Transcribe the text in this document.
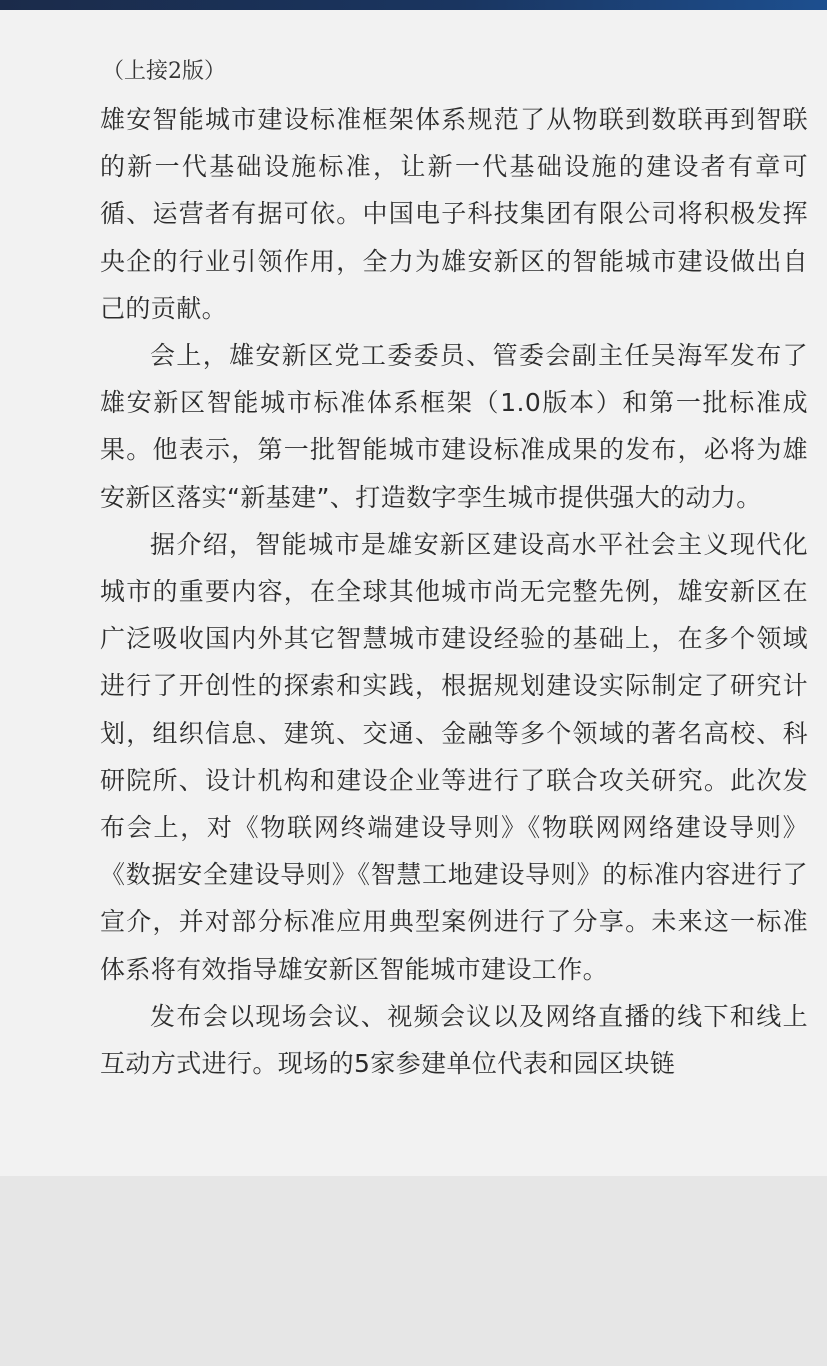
（上接2版）

雄安智能城市建设标准框架体系规范了从物联到数联再到智联的新一代基础设施标准，让新一代基础设施的建设者有章可循、运营者有据可依。中国电子科技集团有限公司将积极发挥央企的行业引领作用，全力为雄安新区的智能城市建设做出自己的贡献。

会上，雄安新区党工委委员、管委会副主任吴海军发布了雄安新区智能城市标准体系框架（1.0版本）和第一批标准成果。他表示，第一批智能城市建设标准成果的发布，必将为雄安新区落实“新基建”、打造数字孪生城市提供强大的动力。

据介绍，智能城市是雄安新区建设高水平社会主义现代化城市的重要内容，在全球其他城市尚无完整先例，雄安新区在广泛吸收国内外其它智慧城市建设经验的基础上，在多个领域进行了开创性的探索和实践，根据规划建设实际制定了研究计划，组织信息、建筑、交通、金融等多个领域的著名高校、科研院所、设计机构和建设企业等进行了联合攻关研究。此次发布会上，对《物联网终端建设导则》《物联网网络建设导则》《数据安全建设导则》《智慧工地建设导则》的标准内容进行了宣介，并对部分标准应用典型案例进行了分享。未来这一标准体系将有效指导雄安新区智能城市建设工作。

发布会以现场会议、视频会议以及网络直播的线下和线上互动方式进行。现场的5家参建单位代表和园区块链
